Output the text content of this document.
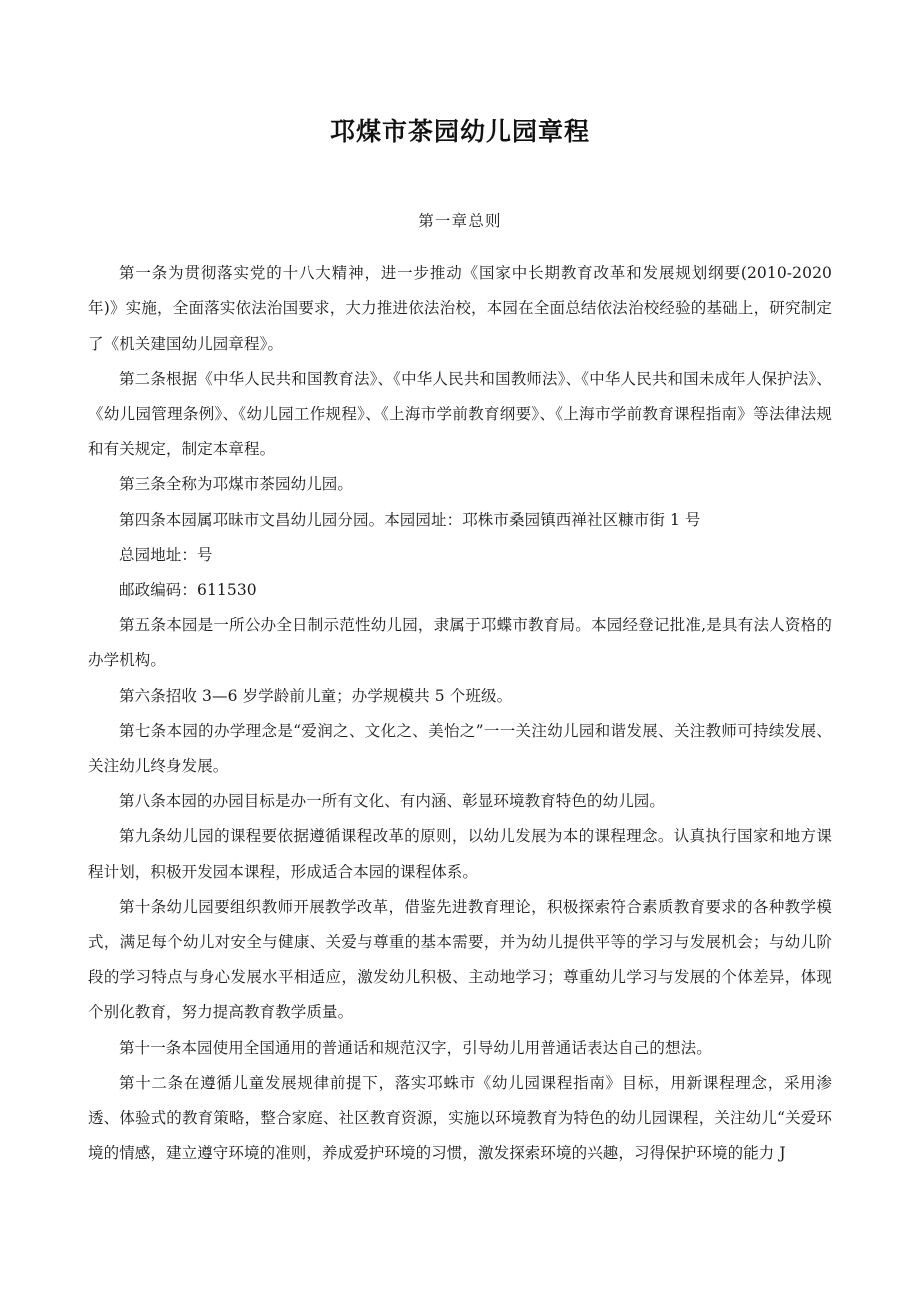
邛煤市茶园幼儿园章程
第一章总则

第一条为贯彻落实党的十八大精神，进一步推动《国家中长期教育改革和发展规划纲要(2010-2020 年)》实施，全面落实依法治国要求，大力推进依法治校，本园在全面总结依法治校经验的基础上，研究制定了《机关建国幼儿园章程》。

第二条根据《中华人民共和国教育法》、《中华人民共和国教师法》、《中华人民共和国未成年人保护法》、《幼儿园管理条例》、《幼儿园工作规程》、《上海市学前教育纲要》、《上海市学前教育课程指南》等法律法规和有关规定，制定本章程。

第三条全称为邛煤市茶园幼儿园。

第四条本园属邛昧市文昌幼儿园分园。本园园址：邛株市桑园镇西禅社区糠市街 1 号

总园地址：号

邮政编码：611530

第五条本园是一所公办全日制示范性幼儿园，隶属于邛蝶市教育局。本园经登记批准,是具有法人资格的办学机构。

第六条招收 3—6 岁学龄前儿童；办学规模共 5 个班级。

第七条本园的办学理念是“爱润之、文化之、美怡之”一一关注幼儿园和谐发展、关注教师可持续发展、关注幼儿终身发展。

第八条本园的办园目标是办一所有文化、有内涵、彰显环境教育特色的幼儿园。

第九条幼儿园的课程要依据遵循课程改革的原则，以幼儿发展为本的课程理念。认真执行国家和地方课程计划，积极开发园本课程，形成适合本园的课程体系。

第十条幼儿园要组织教师开展教学改革，借鉴先进教育理论，积极探索符合素质教育要求的各种教学模式，满足每个幼儿对安全与健康、关爱与尊重的基本需要，并为幼儿提供平等的学习与发展机会；与幼儿阶段的学习特点与身心发展水平相适应，激发幼儿积极、主动地学习；尊重幼儿学习与发展的个体差异，体现个别化教育，努力提高教育教学质量。

第十一条本园使用全国通用的普通话和规范汉字，引导幼儿用普通话表达自己的想法。

第十二条在遵循儿童发展规律前提下，落实邛蛛市《幼儿园课程指南》目标，用新课程理念，采用渗透、体验式的教育策略，整合家庭、社区教育资源，实施以环境教育为特色的幼儿园课程，关注幼儿“关爱环境的情感，建立遵守环境的准则，养成爱护环境的习惯，激发探索环境的兴趣，习得保护环境的能力 J
